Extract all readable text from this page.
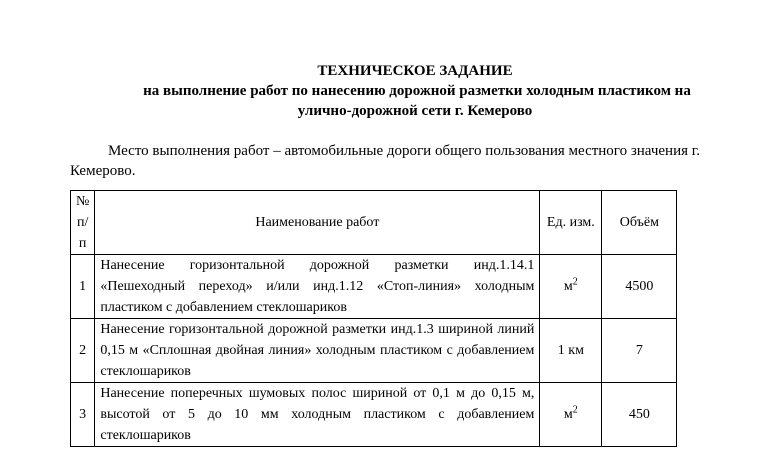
ТЕХНИЧЕСКОЕ ЗАДАНИЕ
на выполнение работ по нанесению дорожной разметки холодным пластиком на
улично-дорожной сети г. Кемерово

Место выполнения работ – автомобильные дороги общего пользования местного значения г. Кемерово.

№
п/
п	Наименование работ	Ед. изм.	Объём
1	Нанесение горизонтальной дорожной разметки инд.1.14.1 «Пешеходный переход» и/или инд.1.12 «Стоп-линия» холодным пластиком с добавлением стеклошариков	$м^2$	4500
2	Нанесение горизонтальной дорожной разметки инд.1.3 шириной линий 0,15 м «Сплошная двойная линия» холодным пластиком с добавлением стеклошариков	1 км	7
3	Нанесение поперечных шумовых полос шириной от 0,1 м до 0,15 м, высотой от 5 до 10 мм холодным пластиком с добавлением стеклошариков	$м^2$	450
